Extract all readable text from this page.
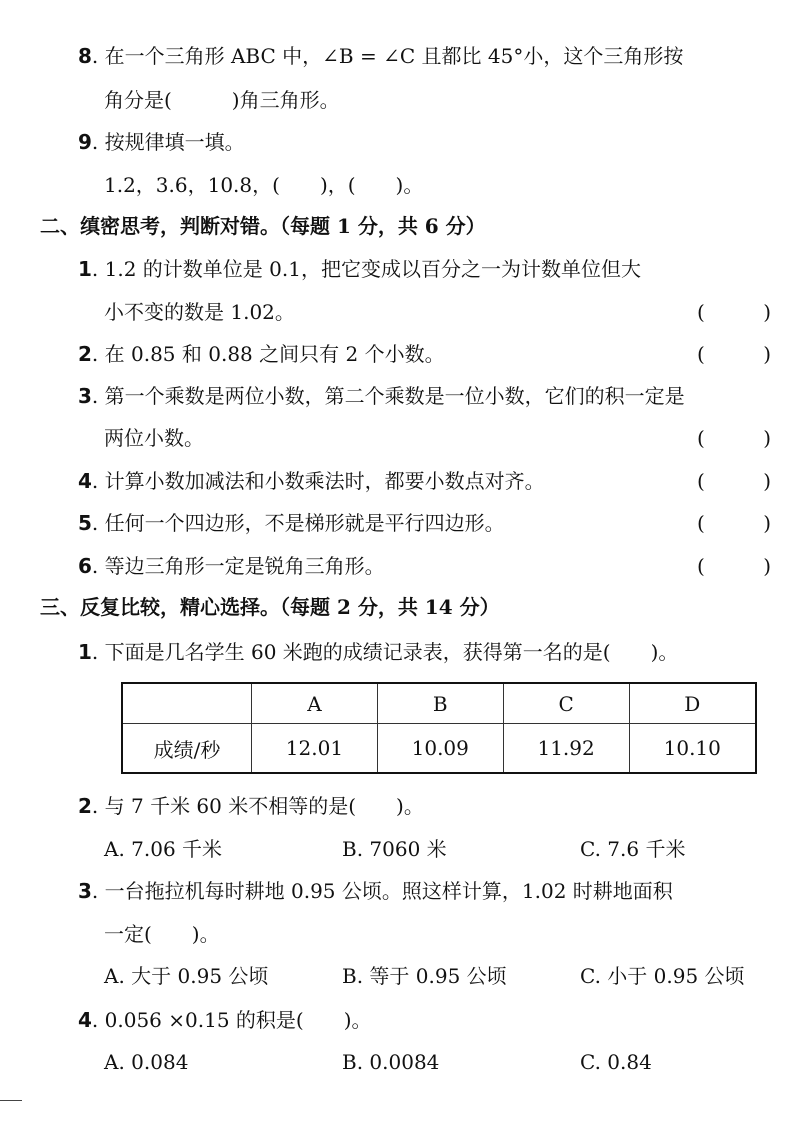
8. 在一个三角形 ABC 中，∠B = ∠C 且都比 45°小，这个三角形按
角分是(　　　)角三角形。
9. 按规律填一填。
1.2，3.6，10.8，(　　)，(　　)。
二、缜密思考，判断对错。（每题 1 分，共 6 分）
1. 1.2 的计数单位是 0.1，把它变成以百分之一为计数单位但大
小不变的数是 1.02。	(	)
2. 在 0.85 和 0.88 之间只有 2 个小数。	(	)
3. 第一个乘数是两位小数，第二个乘数是一位小数，它们的积一定是
两位小数。	(	)
4. 计算小数加减法和小数乘法时，都要小数点对齐。	(	)
5. 任何一个四边形，不是梯形就是平行四边形。	(	)
6. 等边三角形一定是锐角三角形。	(	)
三、反复比较，精心选择。（每题 2 分，共 14 分）
1. 下面是几名学生 60 米跑的成绩记录表，获得第一名的是(　　)。
	A	B	C	D
成绩/秒	12.01	10.09	11.92	10.10
2. 与 7 千米 60 米不相等的是(　　)。
A. 7.06 千米	B. 7060 米	C. 7.6 千米
3. 一台拖拉机每时耕地 0.95 公顷。照这样计算，1.02 时耕地面积
一定(　　)。
A. 大于 0.95 公顷	B. 等于 0.95 公顷	C. 小于 0.95 公顷
4. 0.056 ×0.15 的积是(　　)。
A. 0.084	B. 0.0084	C. 0.84
